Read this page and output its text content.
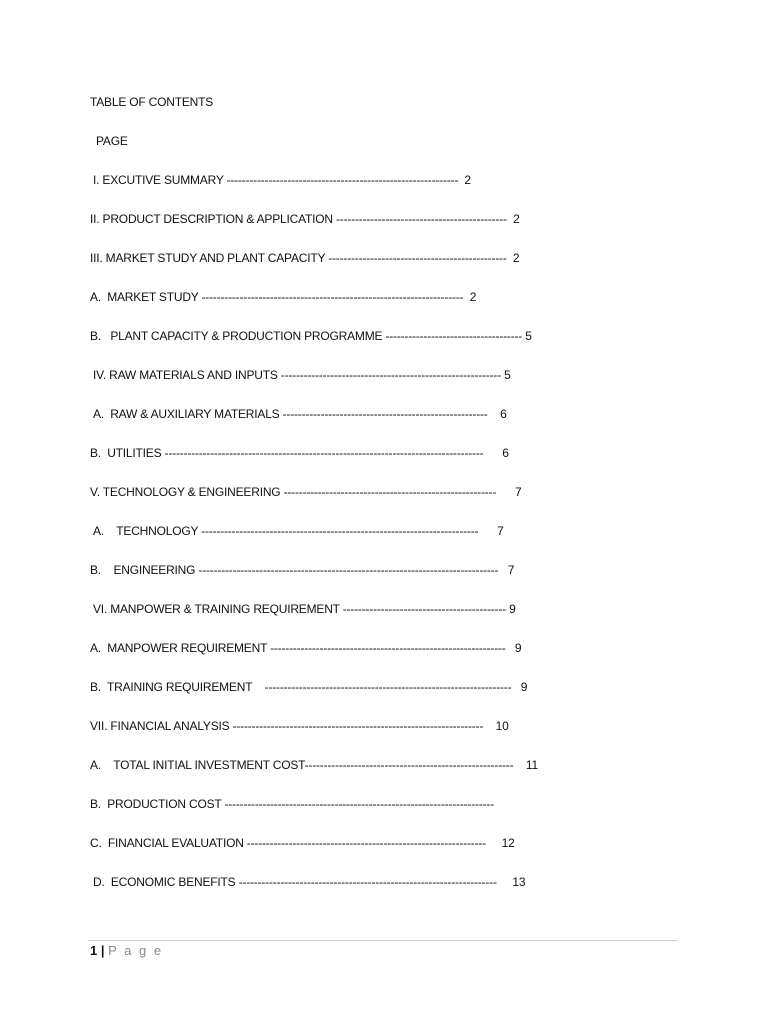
TABLE OF CONTENTS
PAGE
I. EXCUTIVE SUMMARY -------------------------------------------------------------  2
II. PRODUCT DESCRIPTION & APPLICATION ---------------------------------------------  2
III. MARKET STUDY AND PLANT CAPACITY -----------------------------------------------  2
A.  MARKET STUDY ---------------------------------------------------------------------  2
B.   PLANT CAPACITY & PRODUCTION PROGRAMME ------------------------------------ 5
IV. RAW MATERIALS AND INPUTS ---------------------------------------------------------- 5
A.  RAW & AUXILIARY MATERIALS ------------------------------------------------------    6
B.  UTILITIES ------------------------------------------------------------------------------------      6
V. TECHNOLOGY & ENGINEERING --------------------------------------------------------      7
A.    TECHNOLOGY -------------------------------------------------------------------------      7
B.    ENGINEERING -------------------------------------------------------------------------------   7
VI. MANPOWER & TRAINING REQUIREMENT ------------------------------------------- 9
A.  MANPOWER REQUIREMENT --------------------------------------------------------------   9
B.  TRAINING REQUIREMENT    -----------------------------------------------------------------   9
VII. FINANCIAL ANALYSIS ------------------------------------------------------------------    10
A.    TOTAL INITIAL INVESTMENT COST-------------------------------------------------------    11
B.  PRODUCTION COST -----------------------------------------------------------------------
C.  FINANCIAL EVALUATION ---------------------------------------------------------------     12
D.  ECONOMIC BENEFITS --------------------------------------------------------------------     13
1 | P a g e
